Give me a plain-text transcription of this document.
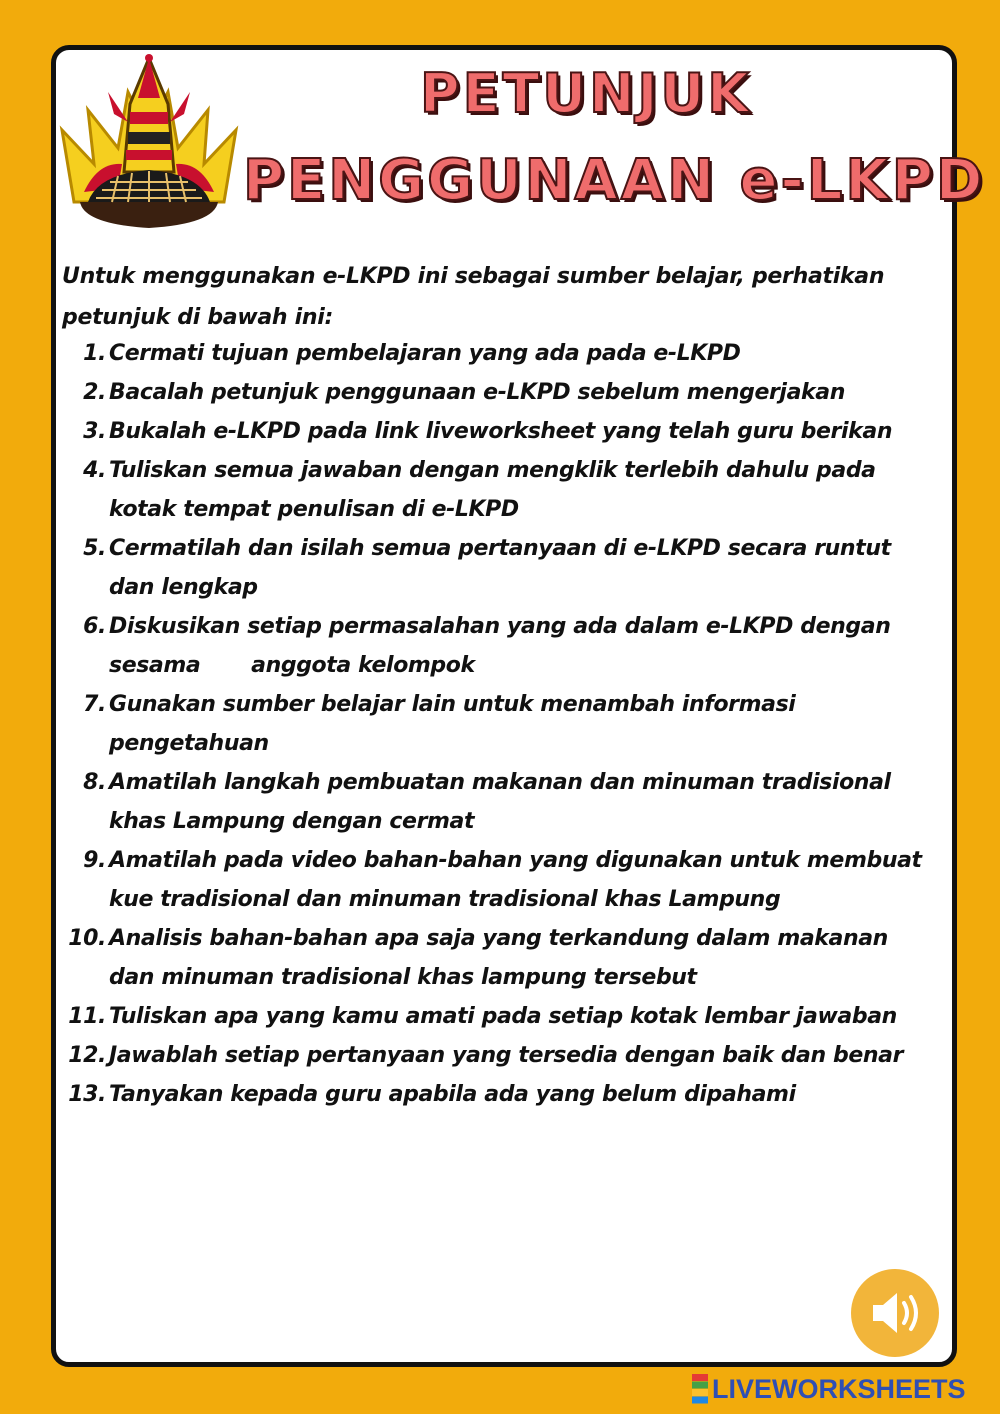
PETUNJUK
PENGGUNAAN e-LKPD

Untuk menggunakan e-LKPD ini sebagai sumber belajar, perhatikan petunjuk di bawah ini:

1. Cermati tujuan pembelajaran yang ada pada e-LKPD
2. Bacalah petunjuk penggunaan e-LKPD sebelum mengerjakan
3. Bukalah e-LKPD pada link liveworksheet yang telah guru berikan
4. Tuliskan semua jawaban dengan mengklik terlebih dahulu pada kotak tempat penulisan di e-LKPD
5. Cermatilah dan isilah semua pertanyaan di e-LKPD secara runtut dan lengkap
6. Diskusikan setiap permasalahan yang ada dalam e-LKPD dengan sesama       anggota kelompok
7. Gunakan sumber belajar lain untuk menambah informasi pengetahuan
8. Amatilah langkah pembuatan makanan dan minuman tradisional khas Lampung dengan cermat
9. Amatilah pada video bahan-bahan yang digunakan untuk membuat kue tradisional dan minuman tradisional khas Lampung
10. Analisis bahan-bahan apa saja yang terkandung dalam makanan dan minuman tradisional khas lampung tersebut
11. Tuliskan apa yang kamu amati pada setiap kotak lembar jawaban
12. Jawablah setiap pertanyaan yang tersedia dengan baik dan benar
13. Tanyakan kepada guru apabila ada yang belum dipahami
LIVEWORKSHEETS
